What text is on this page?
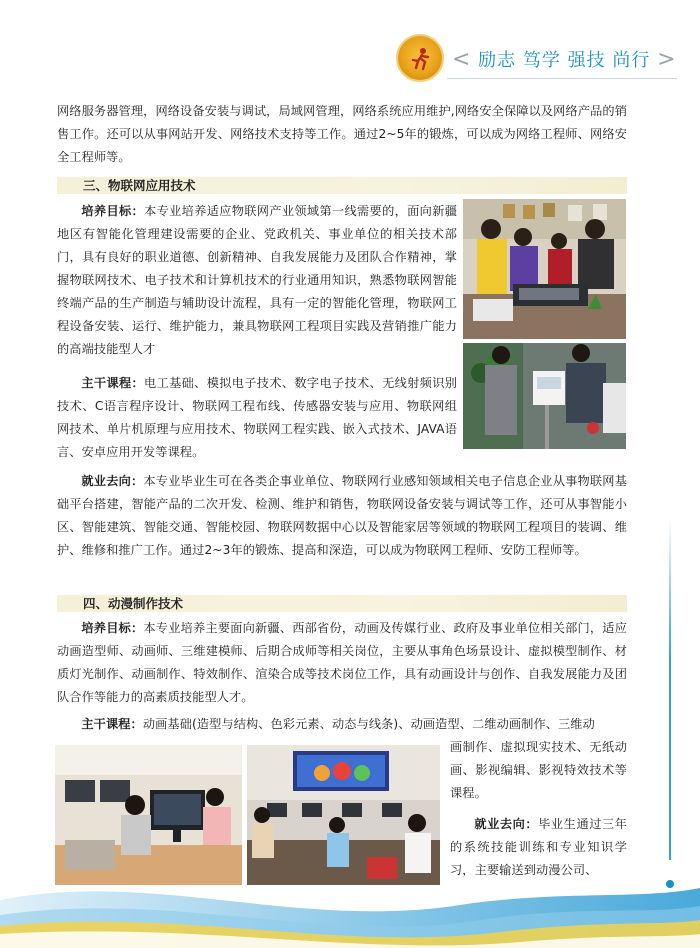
< 励志 笃学 强技 尚行 >

网络服务器管理，网络设备安装与调试，局域网管理，网络系统应用维护,网络安全保障以及网络产品的销售工作。还可以从事网站开发、网络技术支持等工作。通过2~5年的锻炼，可以成为网络工程师、网络安全工程师等。

三、物联网应用技术

培养目标：本专业培养适应物联网产业领域第一线需要的，面向新疆地区有智能化管理建设需要的企业、党政机关、事业单位的相关技术部门，具有良好的职业道德、创新精神、自我发展能力及团队合作精神，掌握物联网技术、电子技术和计算机技术的行业通用知识，熟悉物联网智能终端产品的生产制造与辅助设计流程，具有一定的智能化管理，物联网工程设备安装、运行、维护能力，兼具物联网工程项目实践及营销推广能力的高端技能型人才

主干课程：电工基础、模拟电子技术、数字电子技术、无线射频识别技术、C语言程序设计、物联网工程布线、传感器安装与应用、物联网组网技术、单片机原理与应用技术、物联网工程实践、嵌入式技术、JAVA语言、安卓应用开发等课程。

就业去向：本专业毕业生可在各类企事业单位、物联网行业感知领域相关电子信息企业从事物联网基础平台搭建，智能产品的二次开发、检测、维护和销售，物联网设备安装与调试等工作，还可从事智能小区、智能建筑、智能交通、智能校园、物联网数据中心以及智能家居等领域的物联网工程项目的装调、维护、维修和推广工作。通过2~3年的锻炼、提高和深造，可以成为物联网工程师、安防工程师等。

四、动漫制作技术

培养目标：本专业培养主要面向新疆、西部省份，动画及传媒行业、政府及事业单位相关部门，适应动画造型师、动画师、三维建模师、后期合成师等相关岗位，主要从事角色场景设计、虚拟模型制作、材质灯光制作、动画制作、特效制作、渲染合成等技术岗位工作，具有动画设计与创作、自我发展能力及团队合作等能力的高素质技能型人才。

主干课程：动画基础(造型与结构、色彩元素、动态与线条)、动画造型、二维动画制作、三维动

画制作、虚拟现实技术、无纸动画、影视编辑、影视特效技术等课程。

就业去向：毕业生通过三年的系统技能训练和专业知识学习，主要输送到动漫公司、
